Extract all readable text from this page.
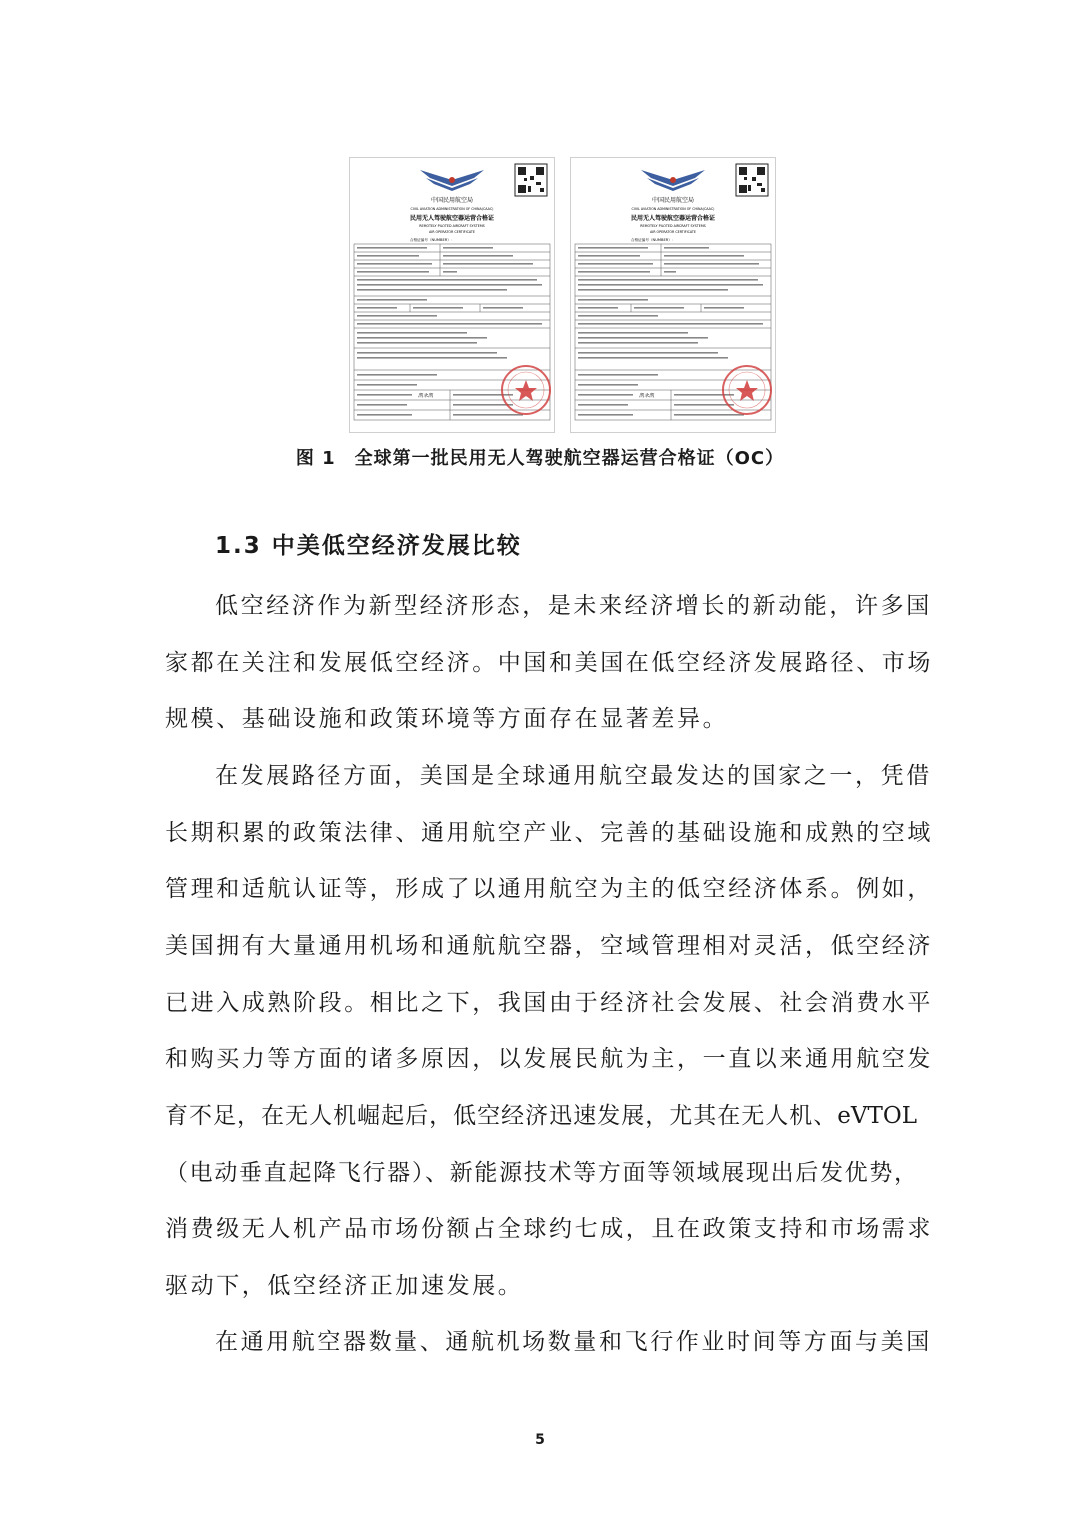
中国民用航空局
CIVIL AVIATION ADMINISTRATION OF CHINA(CAAC)
民用无人驾驶航空器运营合格证
REMOTELY PILOTED AIRCRAFT SYSTEMS
AIR OPERATOR CERTIFICATE
合格证编号（NUMBER）：
凯永凯
中国民用航空局
CIVIL AVIATION ADMINISTRATION OF CHINA(CAAC)
民用无人驾驶航空器运营合格证
REMOTELY PILOTED AIRCRAFT SYSTEMS
AIR OPERATOR CERTIFICATE
合格证编号（NUMBER）：
凯永凯
图 1　全球第一批民用无人驾驶航空器运营合格证（OC）
1.3 中美低空经济发展比较
低空经济作为新型经济形态，是未来经济增长的新动能，许多国
家都在关注和发展低空经济。中国和美国在低空经济发展路径、市场
规模、基础设施和政策环境等方面存在显著差异。
在发展路径方面，美国是全球通用航空最发达的国家之一，凭借
长期积累的政策法律、通用航空产业、完善的基础设施和成熟的空域
管理和适航认证等，形成了以通用航空为主的低空经济体系。例如，
美国拥有大量通用机场和通航航空器，空域管理相对灵活，低空经济
已进入成熟阶段。相比之下，我国由于经济社会发展、社会消费水平
和购买力等方面的诸多原因，以发展民航为主，一直以来通用航空发
育不足，在无人机崛起后，低空经济迅速发展，尤其在无人机、eVTOL
（电动垂直起降飞行器）、新能源技术等方面等领域展现出后发优势，
消费级无人机产品市场份额占全球约七成，且在政策支持和市场需求
驱动下，低空经济正加速发展。
在通用航空器数量、通航机场数量和飞行作业时间等方面与美国
5
